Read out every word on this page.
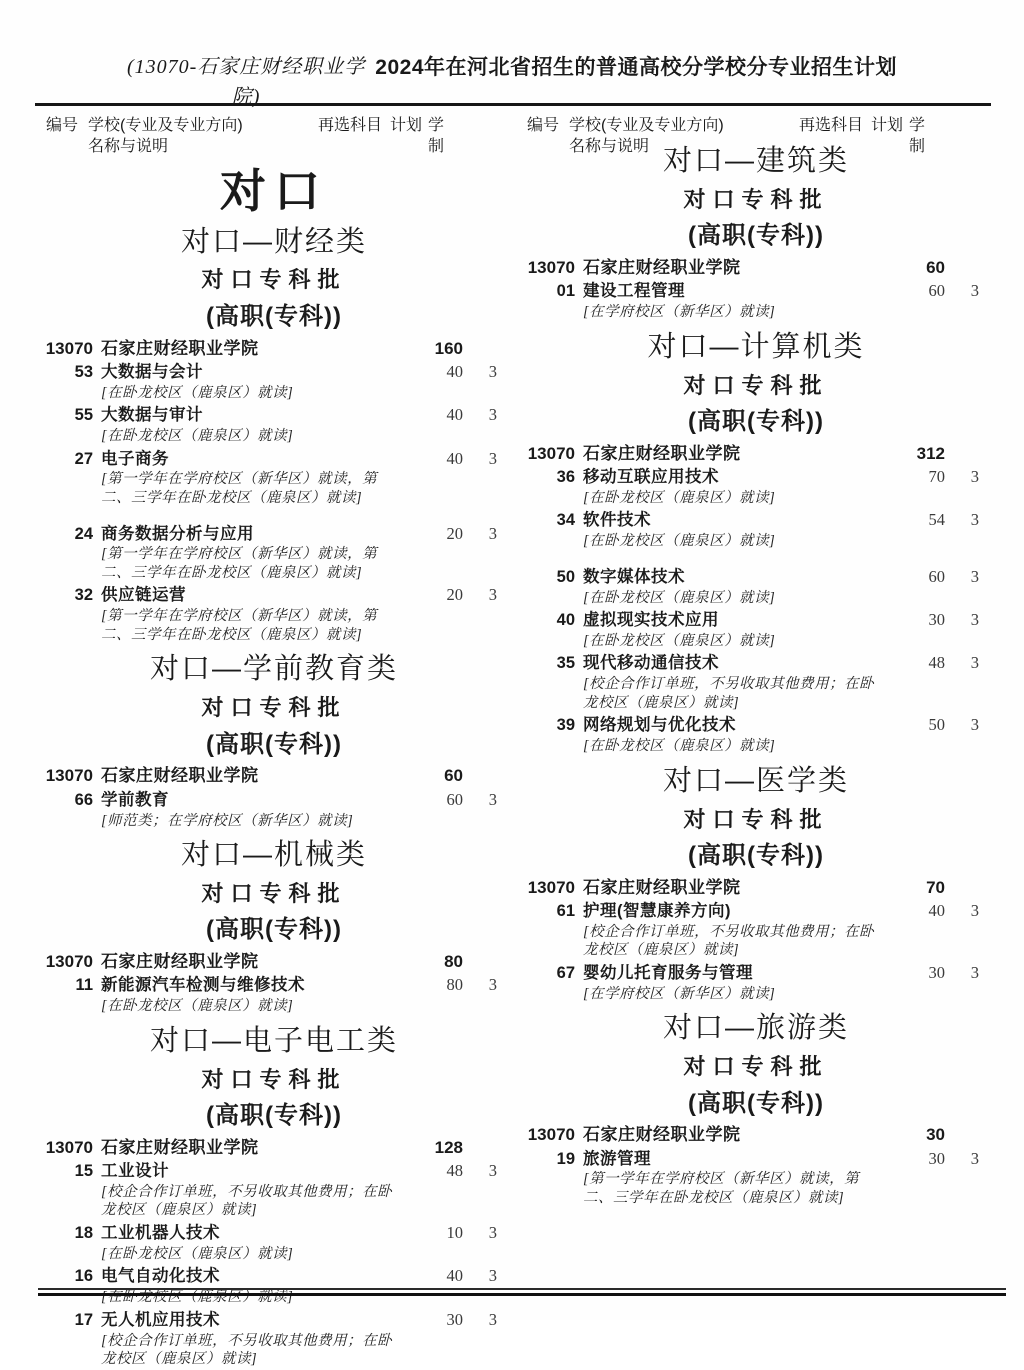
(13070-石家庄财经职业学
院)
2024年在河北省招生的普通高校分学校分专业招生计划
编号 学校(专业及专业方向)
名称与说明
再选科目 计划 学
制
编号 学校(专业及专业方向)
名称与说明
再选科目 计划 学
制
对口
对口—财经类
对口专科批
(高职(专科))
13070 石家庄财经职业学院	160
53 大数据与会计	40	3
[在卧龙校区（鹿泉区）就读]
55 大数据与审计	40	3
[在卧龙校区（鹿泉区）就读]
27 电子商务	40	3
[第一学年在学府校区（新华区）就读，第二、三学年在卧龙校区（鹿泉区）就读]
24 商务数据分析与应用	20	3
[第一学年在学府校区（新华区）就读，第二、三学年在卧龙校区（鹿泉区）就读]
32 供应链运营	20	3
[第一学年在学府校区（新华区）就读，第二、三学年在卧龙校区（鹿泉区）就读]
对口—学前教育类
对口专科批
(高职(专科))
13070 石家庄财经职业学院	60
66 学前教育	60	3
[师范类；在学府校区（新华区）就读]
对口—机械类
对口专科批
(高职(专科))
13070 石家庄财经职业学院	80
11 新能源汽车检测与维修技术	80	3
[在卧龙校区（鹿泉区）就读]
对口—电子电工类
对口专科批
(高职(专科))
13070 石家庄财经职业学院	128
15 工业设计	48	3
[校企合作订单班，不另收取其他费用；在卧龙校区（鹿泉区）就读]
18 工业机器人技术	10	3
[在卧龙校区（鹿泉区）就读]
16 电气自动化技术	40	3
[在卧龙校区（鹿泉区）就读]
17 无人机应用技术	30	3
[校企合作订单班，不另收取其他费用；在卧龙校区（鹿泉区）就读]
对口—建筑类
对口专科批
(高职(专科))
13070 石家庄财经职业学院	60
01 建设工程管理	60	3
[在学府校区（新华区）就读]
对口—计算机类
对口专科批
(高职(专科))
13070 石家庄财经职业学院	312
36 移动互联应用技术	70	3
[在卧龙校区（鹿泉区）就读]
34 软件技术	54	3
[在卧龙校区（鹿泉区）就读]
50 数字媒体技术	60	3
[在卧龙校区（鹿泉区）就读]
40 虚拟现实技术应用	30	3
[在卧龙校区（鹿泉区）就读]
35 现代移动通信技术	48	3
[校企合作订单班，不另收取其他费用；在卧龙校区（鹿泉区）就读]
39 网络规划与优化技术	50	3
[在卧龙校区（鹿泉区）就读]
对口—医学类
对口专科批
(高职(专科))
13070 石家庄财经职业学院	70
61 护理(智慧康养方向)	40	3
[校企合作订单班，不另收取其他费用；在卧龙校区（鹿泉区）就读]
67 婴幼儿托育服务与管理	30	3
[在学府校区（新华区）就读]
对口—旅游类
对口专科批
(高职(专科))
13070 石家庄财经职业学院	30
19 旅游管理	30	3
[第一学年在学府校区（新华区）就读，第二、三学年在卧龙校区（鹿泉区）就读]
